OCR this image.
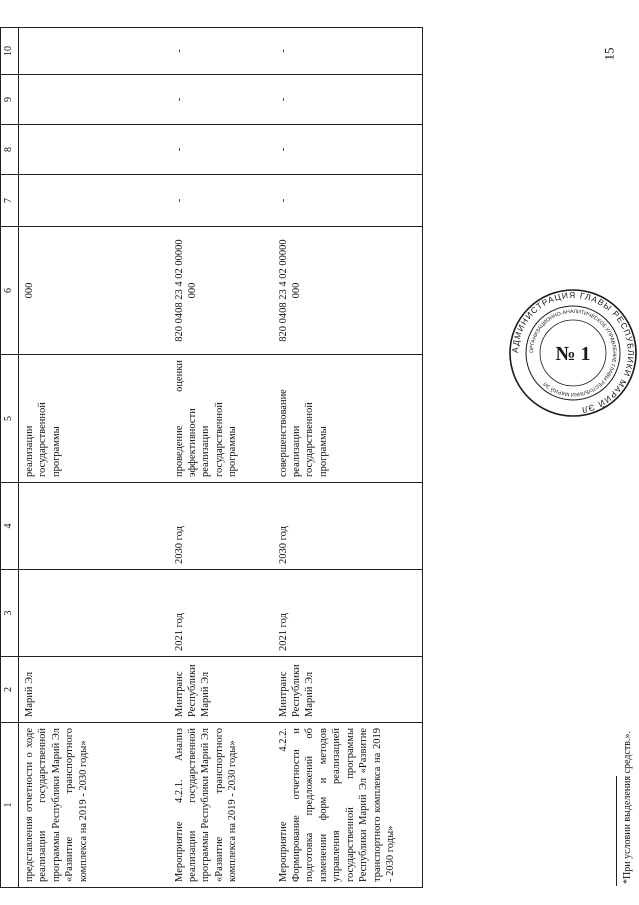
15
1	2	3	4	5	6	7	8	9	10
представления отчетности о ходе реализации государственной программы Республики Марий Эл «Развитие транспортного комплекса на 2019 - 2030 годы»	Марий Эл			реализации государственной программы	000				
Мероприятие 4.2.1. Анализ реализации государственной программы Республики Марий Эл «Развитие транспортного комплекса на 2019 - 2030 годы»	Минтранс Республики Марий Эл	2021 год	2030 год	проведение оценки эффективности реализации государственной программы	820 0408 23 4 02 00000 000	-	-	-	-
Мероприятие 4.2.2. Формирование отчетности и подготовка предложений об изменении форм и методов управления реализацией государственной программы Республики Марий Эл «Развитие транспортного комплекса на 2019 - 2030 годы»	Минтранс Республики Марий Эл	2021 год	2030 год	совершенствование реализации государственной программы	820 0408 23 4 02 00000 000	-	-	-	-
*При условии выделения средств.».
АДМИНИСТРАЦИЯ ГЛАВЫ РЕСПУБЛИКИ МАРИЙ ЭЛ
ОРГАНИЗАЦИОННО-АНАЛИТИЧЕСКОЕ УПРАВЛЕНИЕ ГЛАВЫ РЕСПУБЛИКИ МАРИЙ ЭЛ
№ 1
